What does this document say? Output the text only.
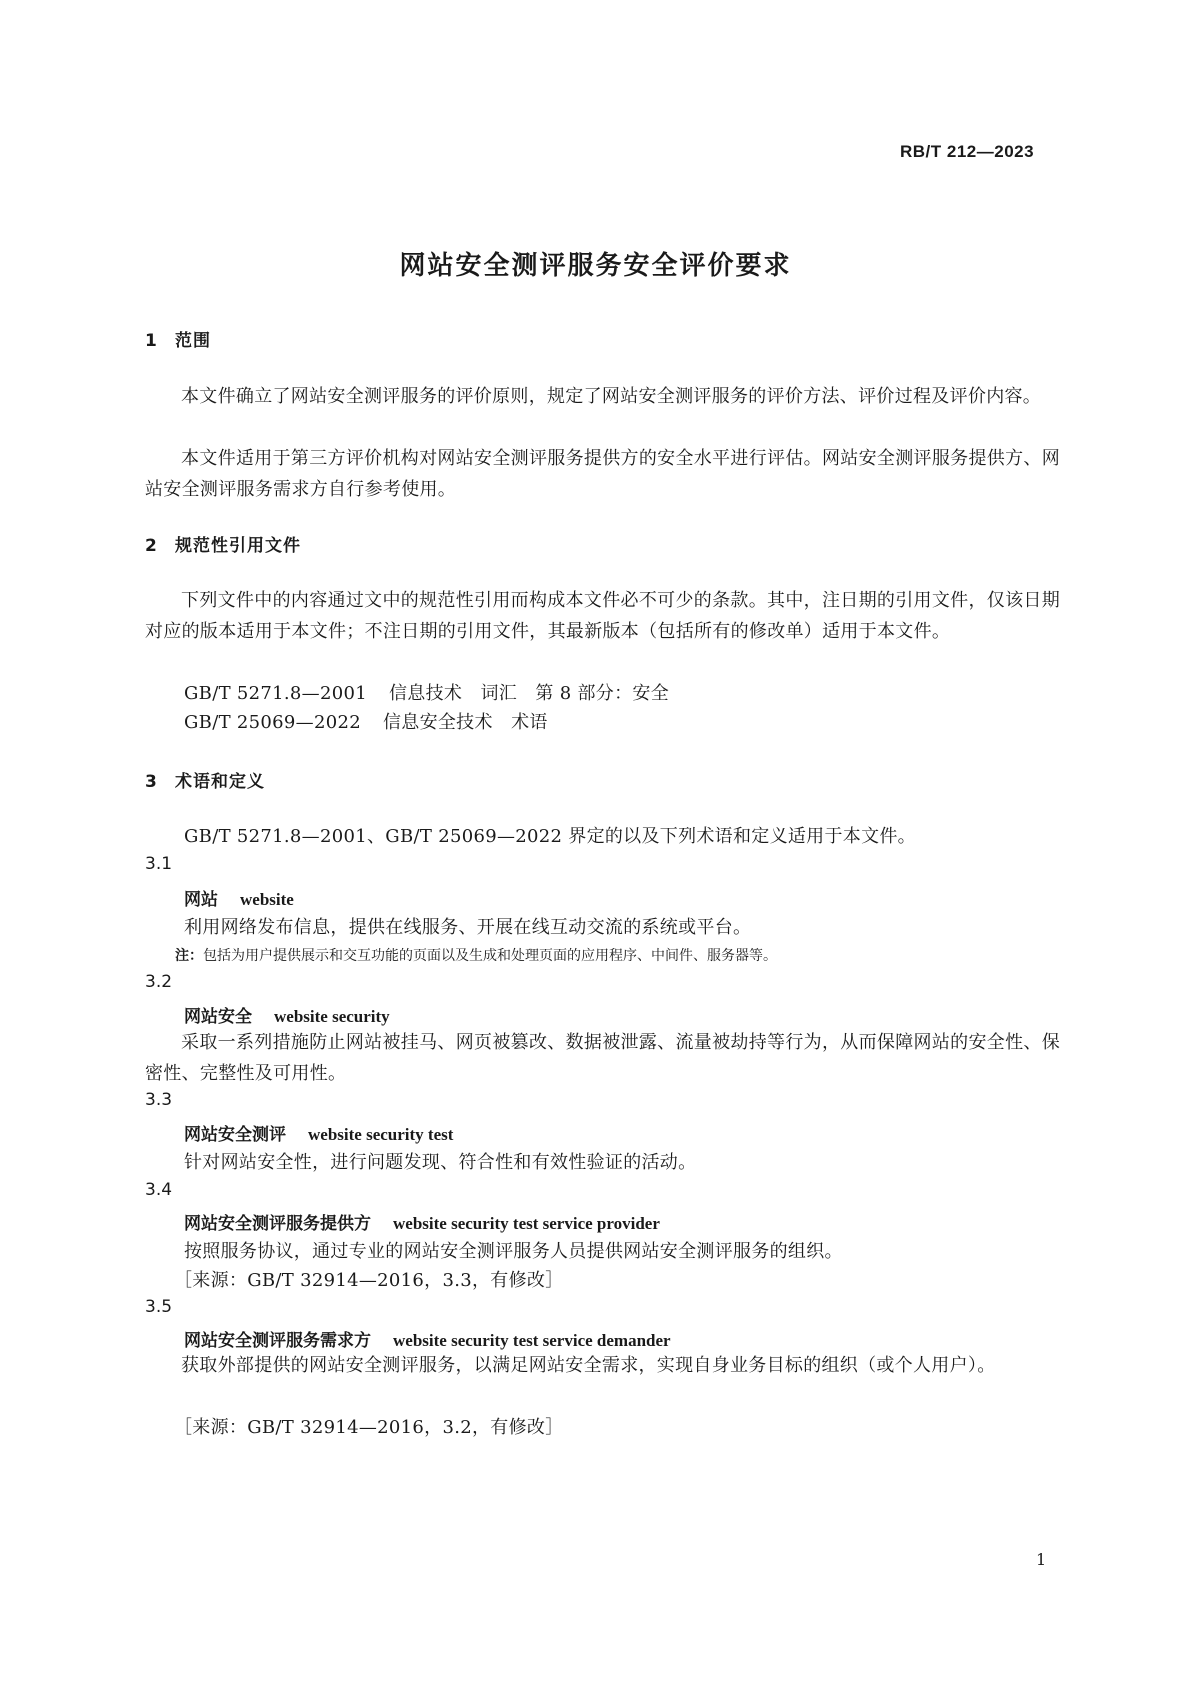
RB/T 212—2023
网站安全测评服务安全评价要求
1 范围
本文件确立了网站安全测评服务的评价原则，规定了网站安全测评服务的评价方法、评价过程及评价内容。
本文件适用于第三方评价机构对网站安全测评服务提供方的安全水平进行评估。网站安全测评服务提供方、网站安全测评服务需求方自行参考使用。
2 规范性引用文件
下列文件中的内容通过文中的规范性引用而构成本文件必不可少的条款。其中，注日期的引用文件，仅该日期对应的版本适用于本文件；不注日期的引用文件，其最新版本（包括所有的修改单）适用于本文件。
GB/T 5271.8—2001 信息技术　词汇　第 8 部分：安全
GB/T 25069—2022 信息安全技术　术语
3 术语和定义
GB/T 5271.8—2001、GB/T 25069—2022 界定的以及下列术语和定义适用于本文件。
3.1
网站 website
利用网络发布信息，提供在线服务、开展在线互动交流的系统或平台。
注：包括为用户提供展示和交互功能的页面以及生成和处理页面的应用程序、中间件、服务器等。
3.2
网站安全 website security
采取一系列措施防止网站被挂马、网页被篡改、数据被泄露、流量被劫持等行为，从而保障网站的安全性、保密性、完整性及可用性。
3.3
网站安全测评 website security test
针对网站安全性，进行问题发现、符合性和有效性验证的活动。
3.4
网站安全测评服务提供方 website security test service provider
按照服务协议，通过专业的网站安全测评服务人员提供网站安全测评服务的组织。
［来源：GB/T 32914—2016，3.3，有修改］
3.5
网站安全测评服务需求方 website security test service demander
获取外部提供的网站安全测评服务，以满足网站安全需求，实现自身业务目标的组织（或个人用户）。
［来源：GB/T 32914—2016，3.2，有修改］
1
